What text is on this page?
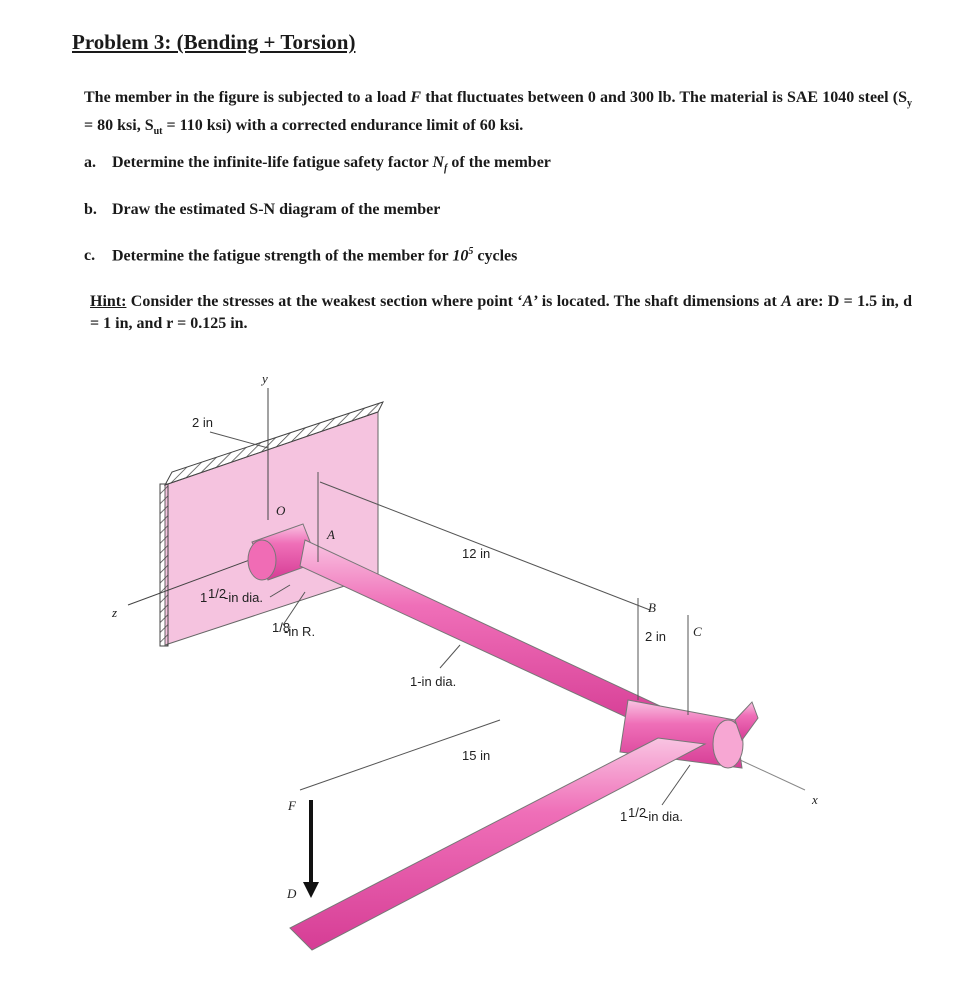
Problem 3: (Bending + Torsion)

The member in the figure is subjected to a load F that fluctuates between 0 and 300 lb. The material is SAE 1040 steel ($S_y = 80$ ksi, $S_{ut} = 110$ ksi) with a corrected endurance limit of 60 ksi.

a. Determine the infinite-life fatigue safety factor $N_f$ of the member

b. Draw the estimated S-N diagram of the member

c. Determine the fatigue strength of the member for $10^5$ cycles

Hint: Consider the stresses at the weakest section where point ‘A’ is located. The shaft dimensions at A are: D = 1.5 in, d = 1 in, and r = 0.125 in.

y
z
x
O
A
B
C
D
F
2 in
12 in
2 in
15 in
1-in dia.
1 1/2
-in dia.
1/8
-in R.
1 1/2
-in dia.
